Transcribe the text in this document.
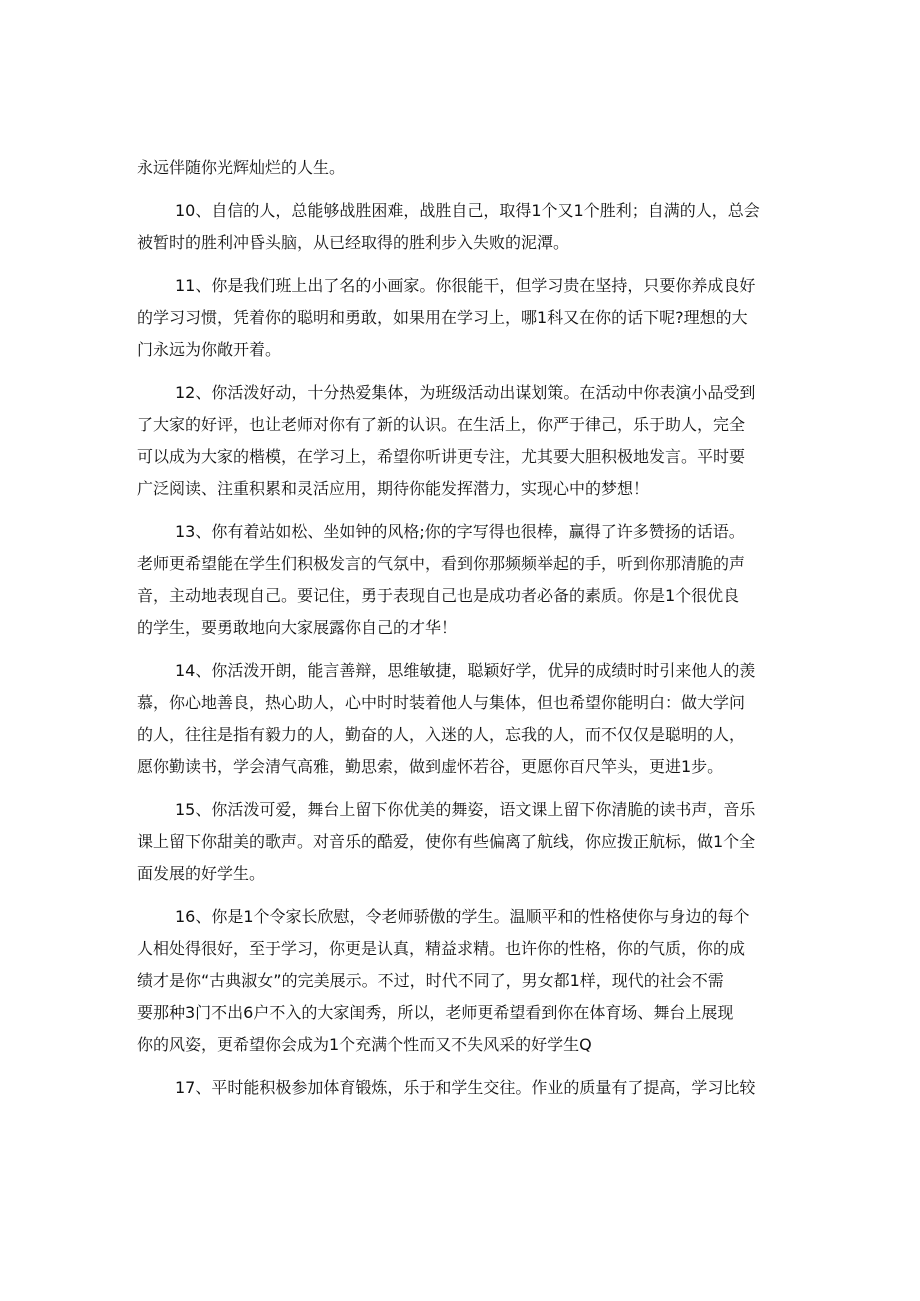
永远伴随你光辉灿烂的人生。
10、自信的人，总能够战胜困难，战胜自己，取得1个又1个胜利；自满的人，总会
被暂时的胜利冲昏头脑，从已经取得的胜利步入失败的泥潭。
11、你是我们班上出了名的小画家。你很能干，但学习贵在坚持，只要你养成良好
的学习习惯，凭着你的聪明和勇敢，如果用在学习上，哪1科又在你的话下呢?理想的大
门永远为你敞开着。
12、你活泼好动，十分热爱集体，为班级活动出谋划策。在活动中你表演小品受到
了大家的好评，也让老师对你有了新的认识。在生活上，你严于律己，乐于助人，完全
可以成为大家的楷模，在学习上，希望你听讲更专注，尤其要大胆积极地发言。平时要
广泛阅读、注重积累和灵活应用，期待你能发挥潜力，实现心中的梦想！
13、你有着站如松、坐如钟的风格;你的字写得也很棒，赢得了许多赞扬的话语。
老师更希望能在学生们积极发言的气氛中，看到你那频频举起的手，听到你那清脆的声
音，主动地表现自己。要记住，勇于表现自己也是成功者必备的素质。你是1个很优良
的学生，要勇敢地向大家展露你自己的才华！
14、你活泼开朗，能言善辩，思维敏捷，聪颖好学，优异的成绩时时引来他人的羡
慕，你心地善良，热心助人，心中时时装着他人与集体，但也希望你能明白：做大学问
的人，往往是指有毅力的人，勤奋的人，入迷的人，忘我的人，而不仅仅是聪明的人，
愿你勤读书，学会清气高雅，勤思索，做到虚怀若谷，更愿你百尺竿头，更进1步。
15、你活泼可爱，舞台上留下你优美的舞姿，语文课上留下你清脆的读书声，音乐
课上留下你甜美的歌声。对音乐的酷爱，使你有些偏离了航线，你应拨正航标，做1个全
面发展的好学生。
16、你是1个令家长欣慰，令老师骄傲的学生。温顺平和的性格使你与身边的每个
人相处得很好，至于学习，你更是认真，精益求精。也许你的性格，你的气质，你的成
绩才是你“古典淑女”的完美展示。不过，时代不同了，男女都1样，现代的社会不需
要那种3门不出6户不入的大家闺秀，所以，老师更希望看到你在体育场、舞台上展现
你的风姿，更希望你会成为1个充满个性而又不失风采的好学生Q
17、平时能积极参加体育锻炼，乐于和学生交往。作业的质量有了提高，学习比较
